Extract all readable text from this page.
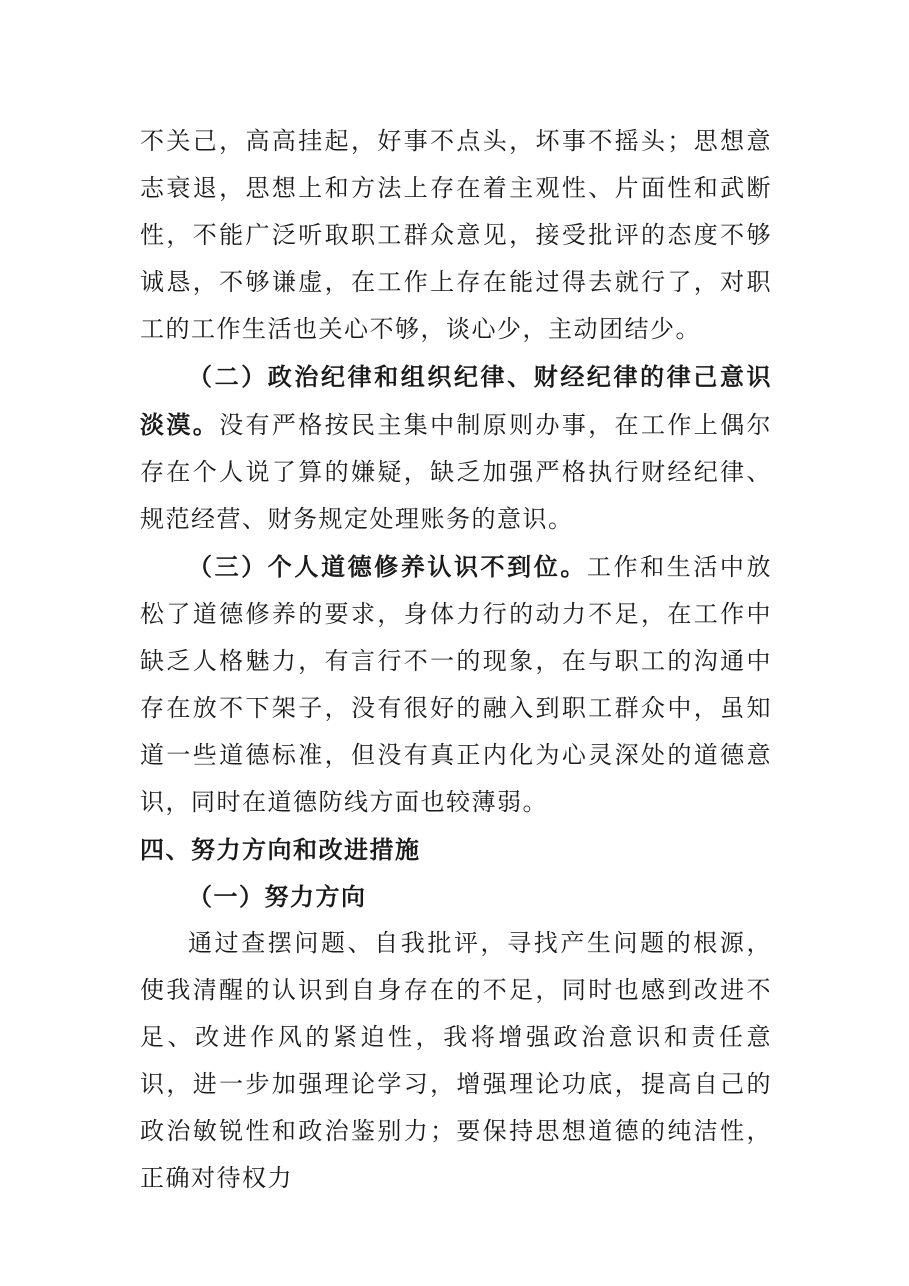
不关己，高高挂起，好事不点头，坏事不摇头；思想意志衰退，思想上和方法上存在着主观性、片面性和武断性，不能广泛听取职工群众意见，接受批评的态度不够诚恳，不够谦虚，在工作上存在能过得去就行了，对职工的工作生活也关心不够，谈心少，主动团结少。

（二）政治纪律和组织纪律、财经纪律的律己意识淡漠。没有严格按民主集中制原则办事，在工作上偶尔存在个人说了算的嫌疑，缺乏加强严格执行财经纪律、规范经营、财务规定处理账务的意识。

（三）个人道德修养认识不到位。工作和生活中放松了道德修养的要求，身体力行的动力不足，在工作中缺乏人格魅力，有言行不一的现象，在与职工的沟通中存在放不下架子，没有很好的融入到职工群众中，虽知道一些道德标准，但没有真正内化为心灵深处的道德意识，同时在道德防线方面也较薄弱。

四、努力方向和改进措施

（一）努力方向

通过查摆问题、自我批评，寻找产生问题的根源，使我清醒的认识到自身存在的不足，同时也感到改进不足、改进作风的紧迫性，我将增强政治意识和责任意识，进一步加强理论学习，增强理论功底，提高自己的政治敏锐性和政治鉴别力；要保持思想道德的纯洁性，正确对待权力
